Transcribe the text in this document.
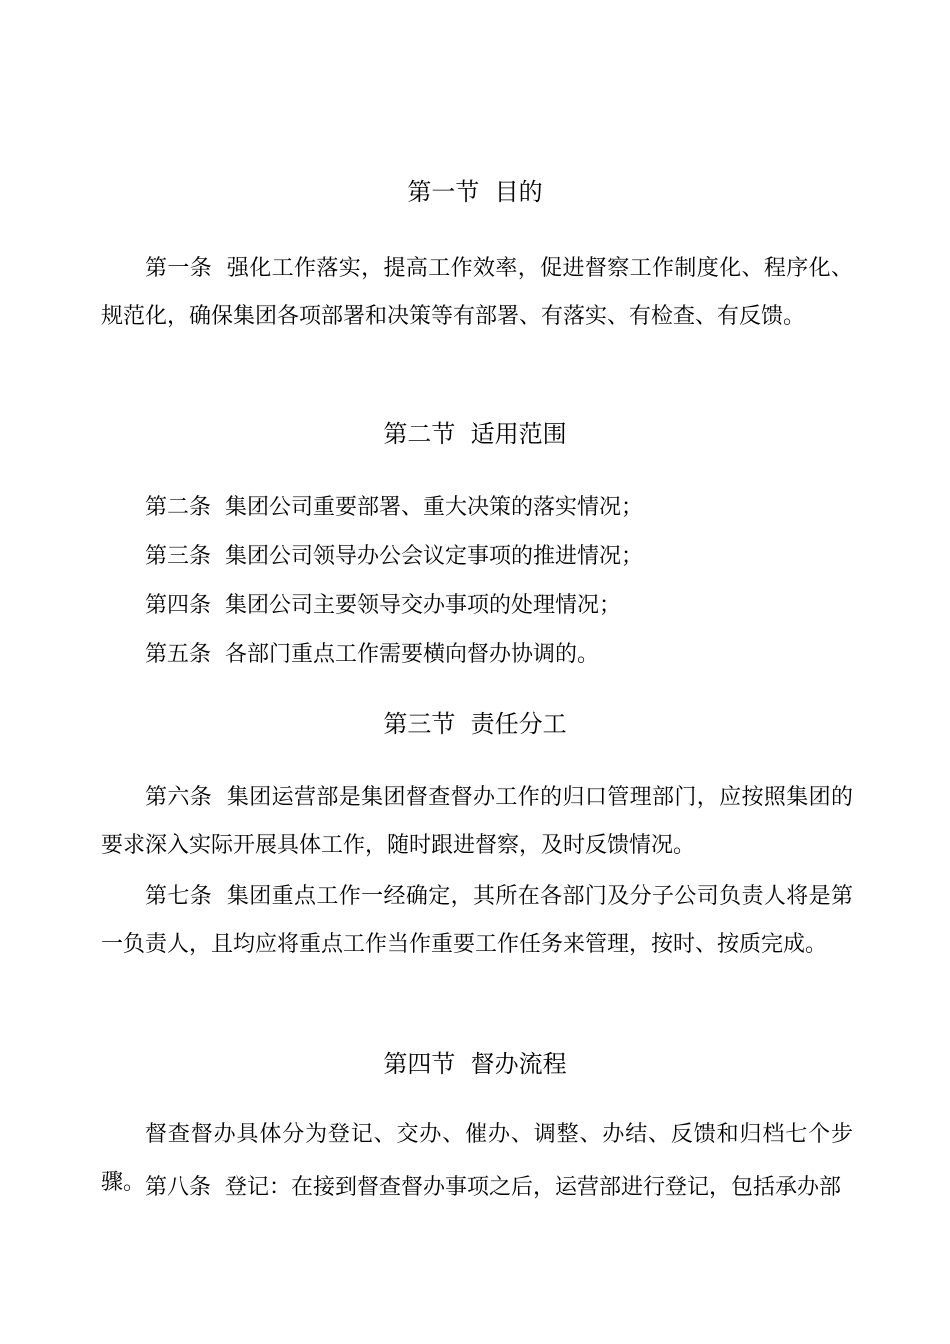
第一节  目的
第一条  强化工作落实，提高工作效率，促进督察工作制度化、程序化、规范化，确保集团各项部署和决策等有部署、有落实、有检查、有反馈。
第二节  适用范围
第二条  集团公司重要部署、重大决策的落实情况；
第三条  集团公司领导办公会议定事项的推进情况；
第四条  集团公司主要领导交办事项的处理情况；
第五条  各部门重点工作需要横向督办协调的。
第三节  责任分工
第六条  集团运营部是集团督查督办工作的归口管理部门，应按照集团的要求深入实际开展具体工作，随时跟进督察，及时反馈情况。
第七条  集团重点工作一经确定，其所在各部门及分子公司负责人将是第一负责人，且均应将重点工作当作重要工作任务来管理，按时、按质完成。
第四节  督办流程
督查督办具体分为登记、交办、催办、调整、办结、反馈和归档七个步骤。 第八条  登记：在接到督查督办事项之后，运营部进行登记，包括承办部
